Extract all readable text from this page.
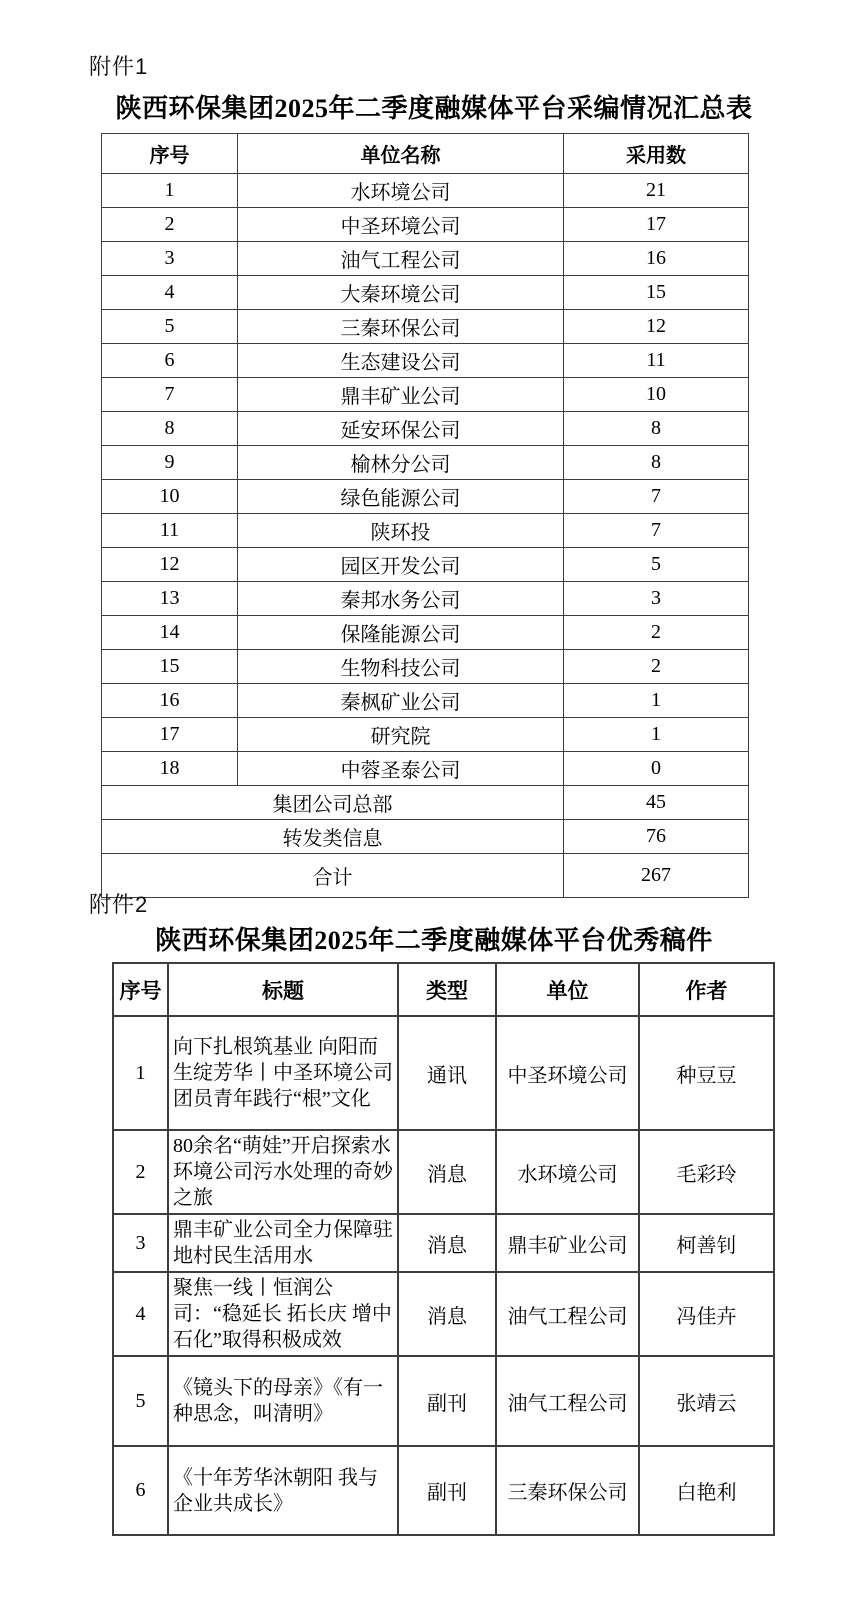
附件1
陕西环保集团2025年二季度融媒体平台采编情况汇总表
序号	单位名称	采用数
1	水环境公司	21
2	中圣环境公司	17
3	油气工程公司	16
4	大秦环境公司	15
5	三秦环保公司	12
6	生态建设公司	11
7	鼎丰矿业公司	10
8	延安环保公司	8
9	榆林分公司	8
10	绿色能源公司	7
11	陕环投	7
12	园区开发公司	5
13	秦邦水务公司	3
14	保隆能源公司	2
15	生物科技公司	2
16	秦枫矿业公司	1
17	研究院	1
18	中蓉圣泰公司	0
集团公司总部		45
转发类信息		76
合计		267
附件2
陕西环保集团2025年二季度融媒体平台优秀稿件
序号	标题	类型	单位	作者
1	向下扎根筑基业 向阳而生绽芳华丨中圣环境公司团员青年践行“根”文化	通讯	中圣环境公司	种豆豆
2	80余名“萌娃”开启探索水环境公司污水处理的奇妙之旅	消息	水环境公司	毛彩玲
3	鼎丰矿业公司全力保障驻地村民生活用水	消息	鼎丰矿业公司	柯善钊
4	聚焦一线丨恒润公司：“稳延长 拓长庆 增中石化”取得积极成效	消息	油气工程公司	冯佳卉
5	《镜头下的母亲》《有一种思念，叫清明》	副刊	油气工程公司	张靖云
6	《十年芳华沐朝阳 我与企业共成长》	副刊	三秦环保公司	白艳利
